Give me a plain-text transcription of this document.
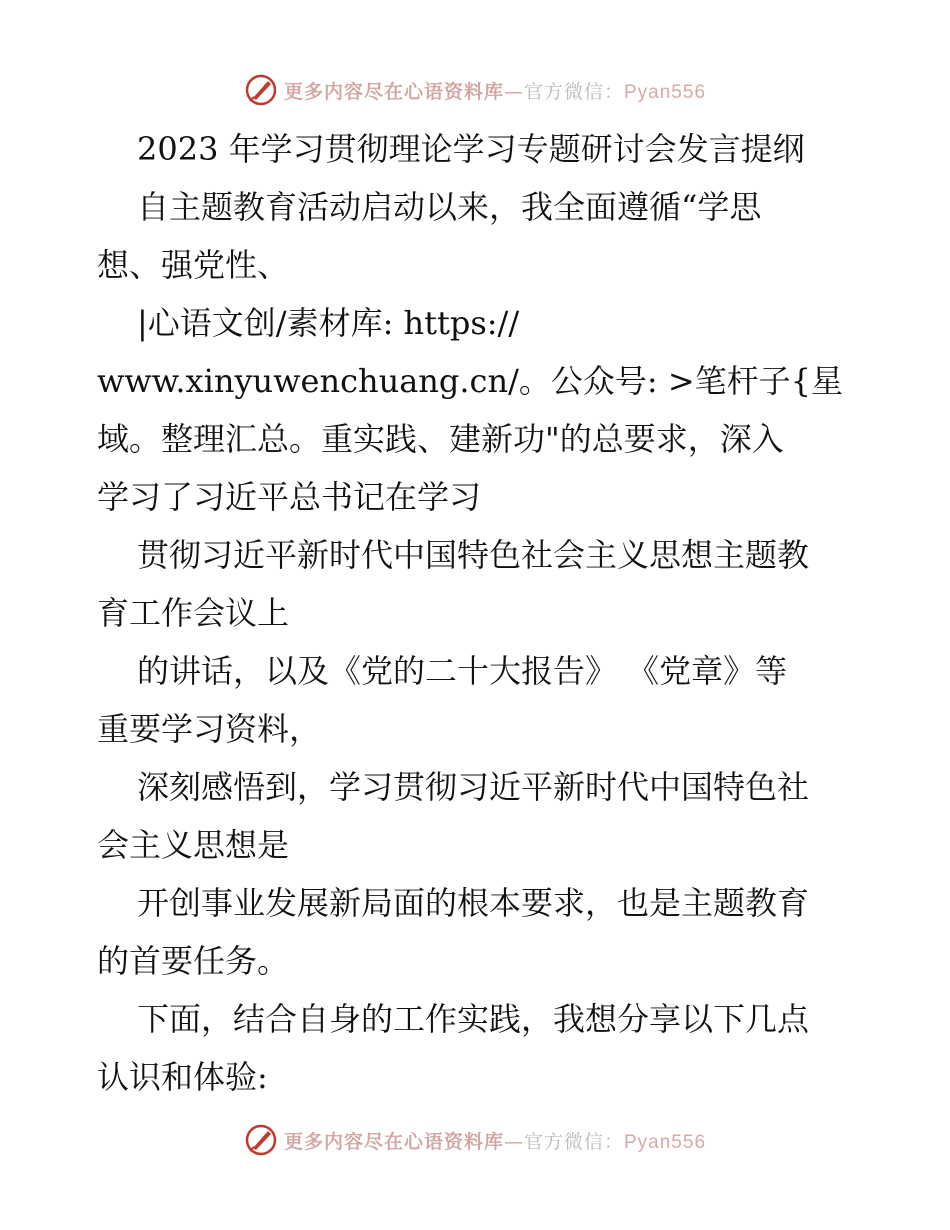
更多内容尽在心语资料库—官方微信：Pyan556
2023 年学习贯彻理论学习专题研讨会发言提纲
自主题教育活动启动以来，我全面遵循“学思
想、强党性、
|心语文创/素材库: https://
www.xinyuwenchuang.cn/。公众号: >笔杆子{星
域。整理汇总。重实践、建新功"的总要求，深入
学习了习近平总书记在学习
贯彻习近平新时代中国特色社会主义思想主题教
育工作会议上
的讲话，以及《党的二十大报告》 《党章》等
重要学习资料，
深刻感悟到，学习贯彻习近平新时代中国特色社
会主义思想是
开创事业发展新局面的根本要求，也是主题教育
的首要任务。
下面，结合自身的工作实践，我想分享以下几点
认识和体验:
更多内容尽在心语资料库—官方微信：Pyan556
